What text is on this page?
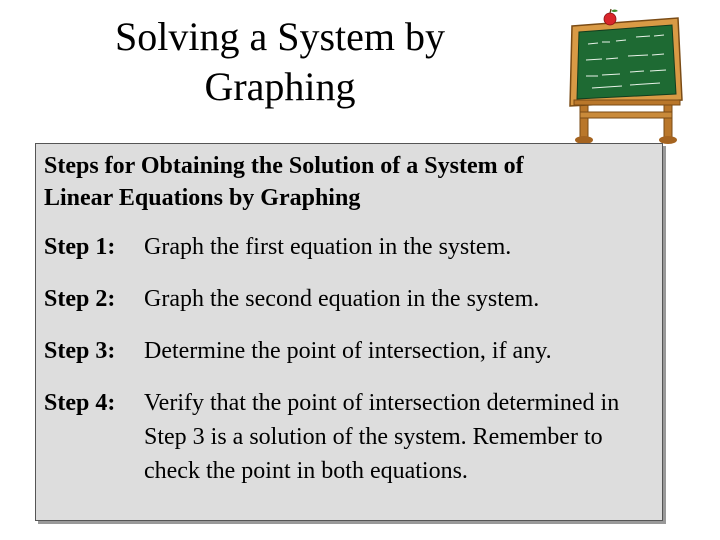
Solving a System by
Graphing
Steps for Obtaining the Solution of a System of
Linear Equations by Graphing
Step 1:	Graph the first equation in the system.
Step 2:	Graph the second equation in the system.
Step 3:	Determine the point of intersection, if any.
Step 4:	Verify that the point of intersection determined in Step 3 is a solution of the system. Remember to check the point in both equations.
